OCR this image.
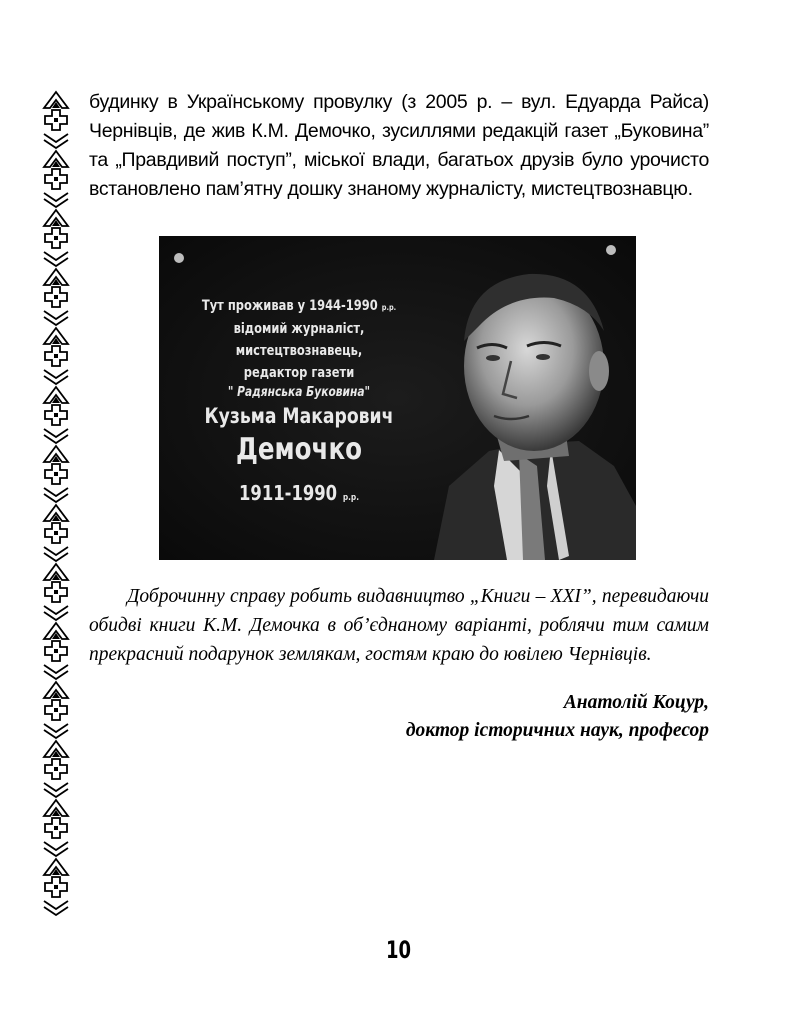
будинку в Українському провулку (з 2005 р. – вул. Едуарда Райса) Чернівців, де жив К.М. Демочко, зусиллями редакцій газет „Буковина” та „Правдивий поступ”, міської влади, багатьох друзів було урочисто встановлено пам’ятну дошку знаному журналісту, мистецтвознавцю.

Тут проживав у 1944-1990 р.р.
відомий журналіст,
мистецтвознавець,
редактор газети
" Радянська Буковина"
Кузьма Макарович
Демочко
1911-1990 р.р.

Доброчинну справу робить видавництво „Книги – ХХІ”, перевидаючи обидві книги К.М. Демочка в об’єднаному варіанті, роблячи тим самим прекрасний подарунок землякам, гостям краю до ювілею Чернівців.

Анатолій Коцур,
доктор історичних наук, професор
10
